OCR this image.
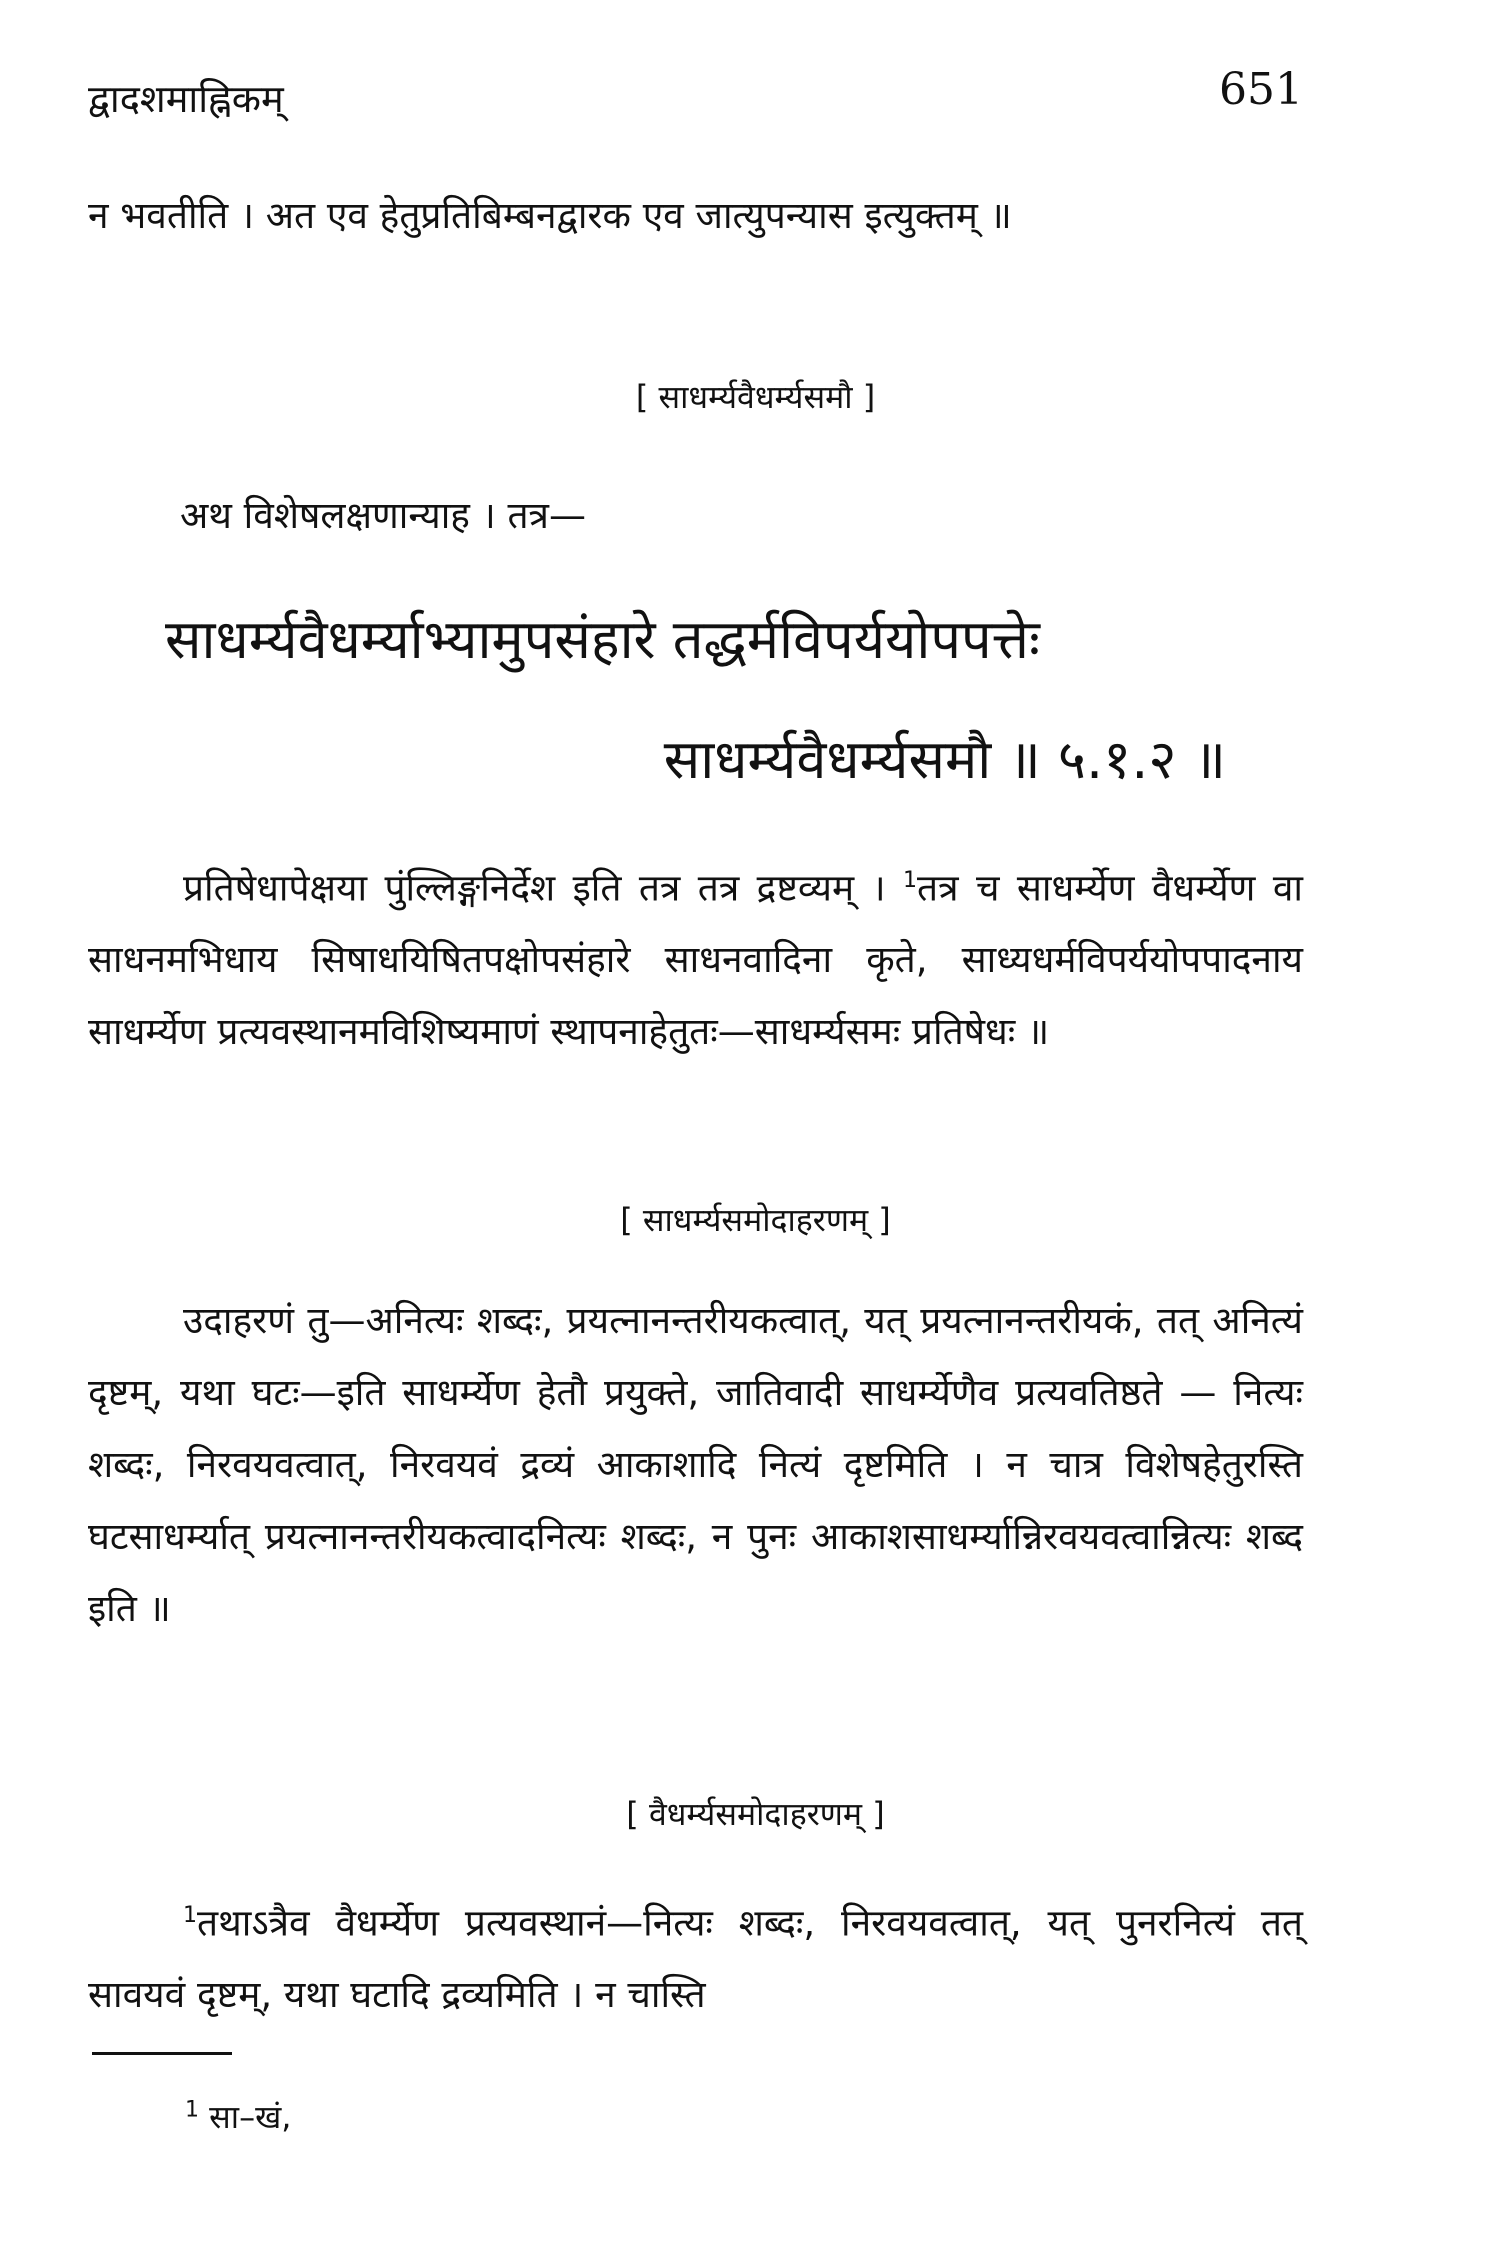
द्वादशमाह्निकम्	651
न भवतीति । अत एव हेतुप्रतिबिम्बनद्वारक एव जात्युपन्यास इत्युक्तम् ॥
[ साधर्म्यवैधर्म्यसमौ ]
अथ विशेषलक्षणान्याह । तत्र—
साधर्म्यवैधर्म्याभ्यामुपसंहारे तद्धर्मविपर्ययोपपत्तेः
साधर्म्यवैधर्म्यसमौ ॥ ५.१.२ ॥
प्रतिषेधापेक्षया पुंल्लिङ्गनिर्देश इति तत्र तत्र द्रष्टव्यम् । $^1$तत्र च साधर्म्येण वैधर्म्येण वा साधनमभिधाय सिषाधयिषितपक्षोपसंहारे साधनवादिना कृते, साध्यधर्मविपर्ययोपपादनाय साधर्म्येण प्रत्यवस्थानमविशिष्यमाणं स्थापनाहेतुतः—साधर्म्यसमः प्रतिषेधः ॥
[ साधर्म्यसमोदाहरणम् ]
उदाहरणं तु—अनित्यः शब्दः, प्रयत्नानन्तरीयकत्वात्, यत् प्रयत्नानन्तरीयकं, तत् अनित्यं दृष्टम्, यथा घटः—इति साधर्म्येण हेतौ प्रयुक्ते, जातिवादी साधर्म्येणैव प्रत्यवतिष्ठते — नित्यः शब्दः, निरवयवत्वात्, निरवयवं द्रव्यं आकाशादि नित्यं दृष्टमिति । न चात्र विशेषहेतुरस्ति घटसाधर्म्यात् प्रयत्नानन्तरीयकत्वादनित्यः शब्दः, न पुनः आकाशसाधर्म्यान्निरवयवत्वान्नित्यः शब्द इति ॥
[ वैधर्म्यसमोदाहरणम् ]
$^1$तथाऽत्रैव वैधर्म्येण प्रत्यवस्थानं—नित्यः शब्दः, निरवयवत्वात्, यत् पुनरनित्यं तत् सावयवं दृष्टम्, यथा घटादि द्रव्यमिति । न चास्ति
$^1$ सा–खं,
